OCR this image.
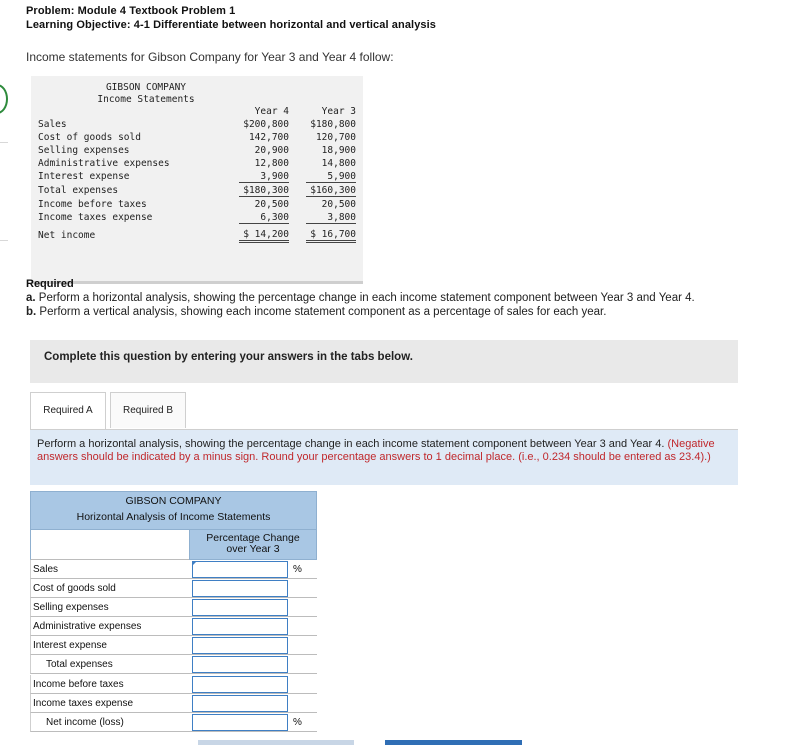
Problem: Module 4 Textbook Problem 1
Learning Objective: 4-1 Differentiate between horizontal and vertical analysis
Income statements for Gibson Company for Year 3 and Year 4 follow:
GIBSON COMPANY
Income Statements
Year 4	Year 3
Sales	$200,800	$180,800
Cost of goods sold	142,700	120,700
Selling expenses	20,900	18,900
Administrative expenses	12,800	14,800
Interest expense	3,900	5,900
Total expenses	$180,300	$160,300
Income before taxes	20,500	20,500
Income taxes expense	6,300	3,800
Net income	$ 14,200	$ 16,700
Required
a. Perform a horizontal analysis, showing the percentage change in each income statement component between Year 3 and Year 4.
b. Perform a vertical analysis, showing each income statement component as a percentage of sales for each year.
Complete this question by entering your answers in the tabs below.
Required A	Required B
Perform a horizontal analysis, showing the percentage change in each income statement component between Year 3 and Year 4. (Negative answers should be indicated by a minus sign. Round your percentage answers to 1 decimal place. (i.e., 0.234 should be entered as 23.4).)
GIBSON COMPANY
Horizontal Analysis of Income Statements
Percentage Change
over Year 3
Sales	%
Cost of goods sold
Selling expenses
Administrative expenses
Interest expense
Total expenses
Income before taxes
Income taxes expense
Net income (loss)	%
